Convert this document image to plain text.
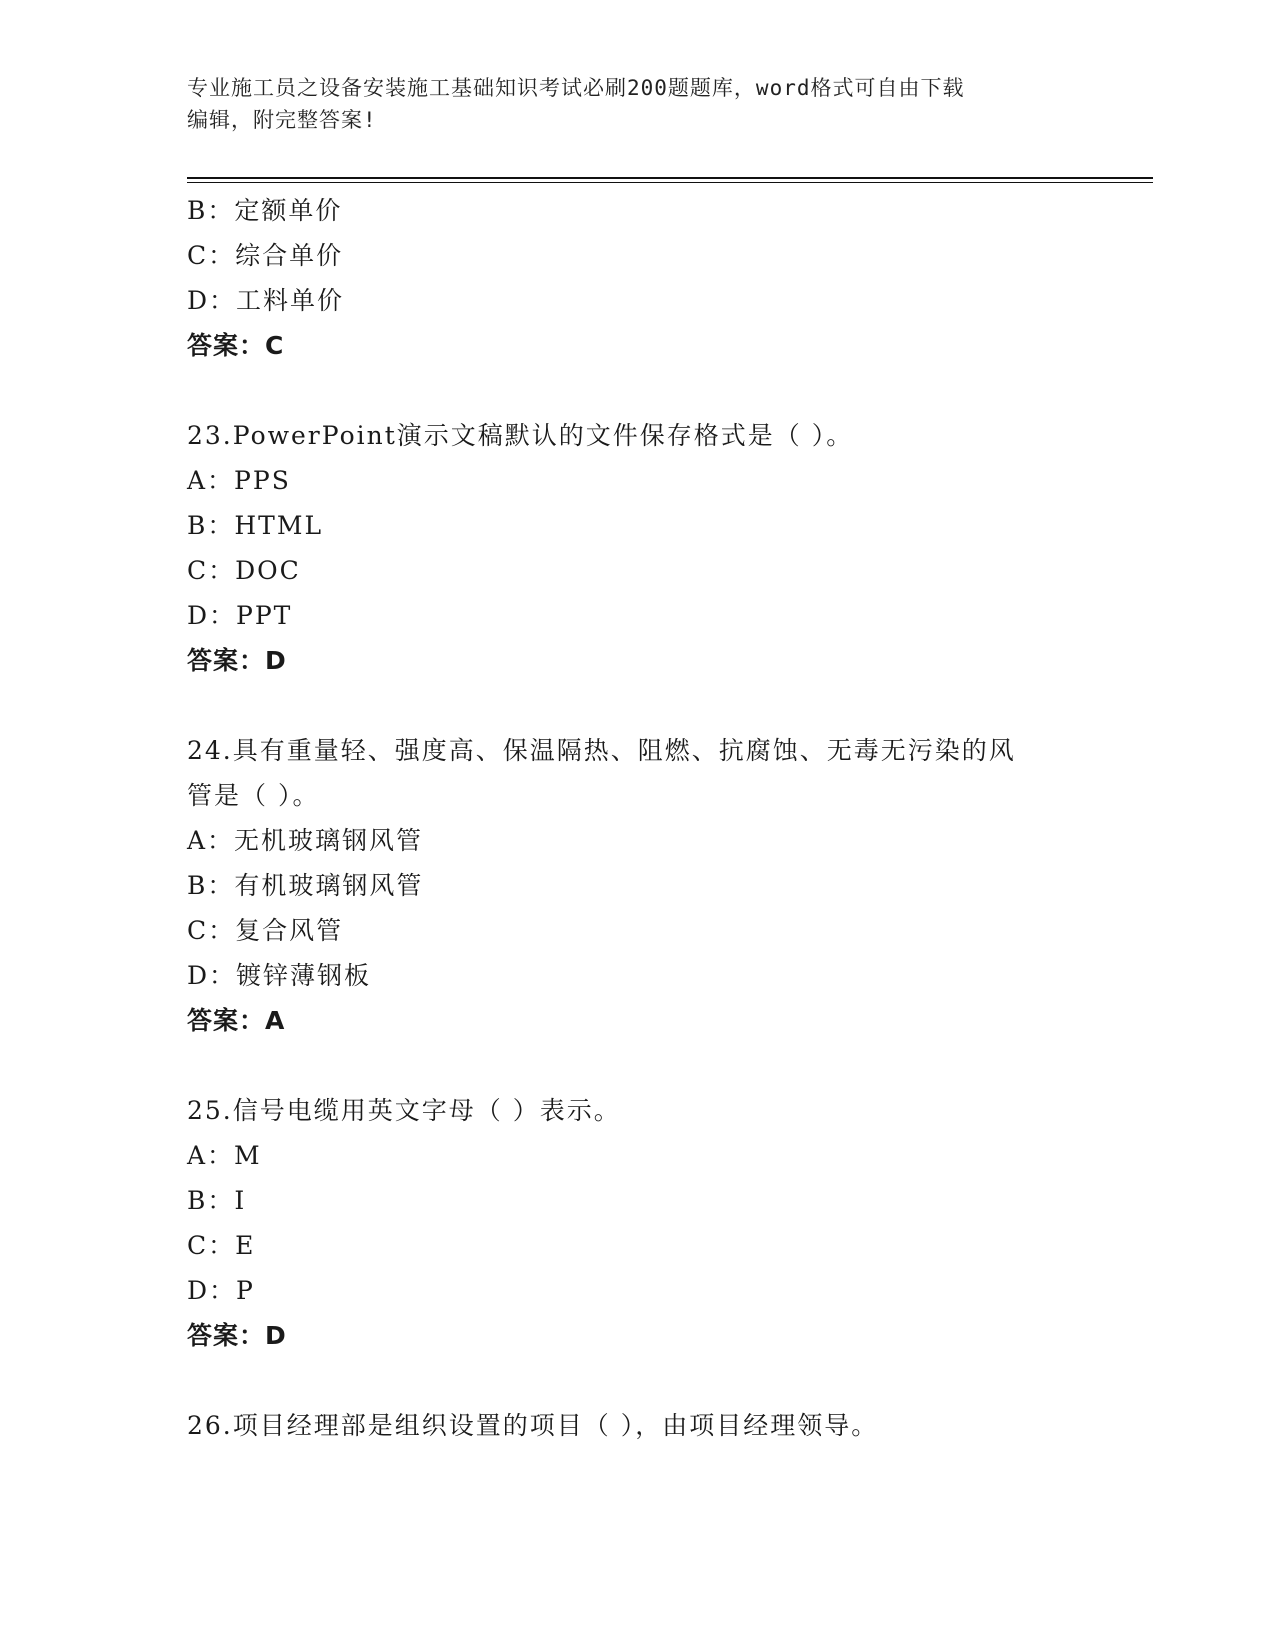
专业施工员之设备安装施工基础知识考试必刷200题题库，word格式可自由下载
编辑，附完整答案!
B：定额单价
C：综合单价
D：工料单价
答案：C
23.PowerPoint演示文稿默认的文件保存格式是（ ）。
A：PPS
B：HTML
C：DOC
D：PPT
答案：D
24.具有重量轻、强度高、保温隔热、阻燃、抗腐蚀、无毒无污染的风
管是（ ）。
A：无机玻璃钢风管
B：有机玻璃钢风管
C：复合风管
D：镀锌薄钢板
答案：A
25.信号电缆用英文字母（ ）表示。
A：M
B：I
C：E
D：P
答案：D
26.项目经理部是组织设置的项目（ ），由项目经理领导。
